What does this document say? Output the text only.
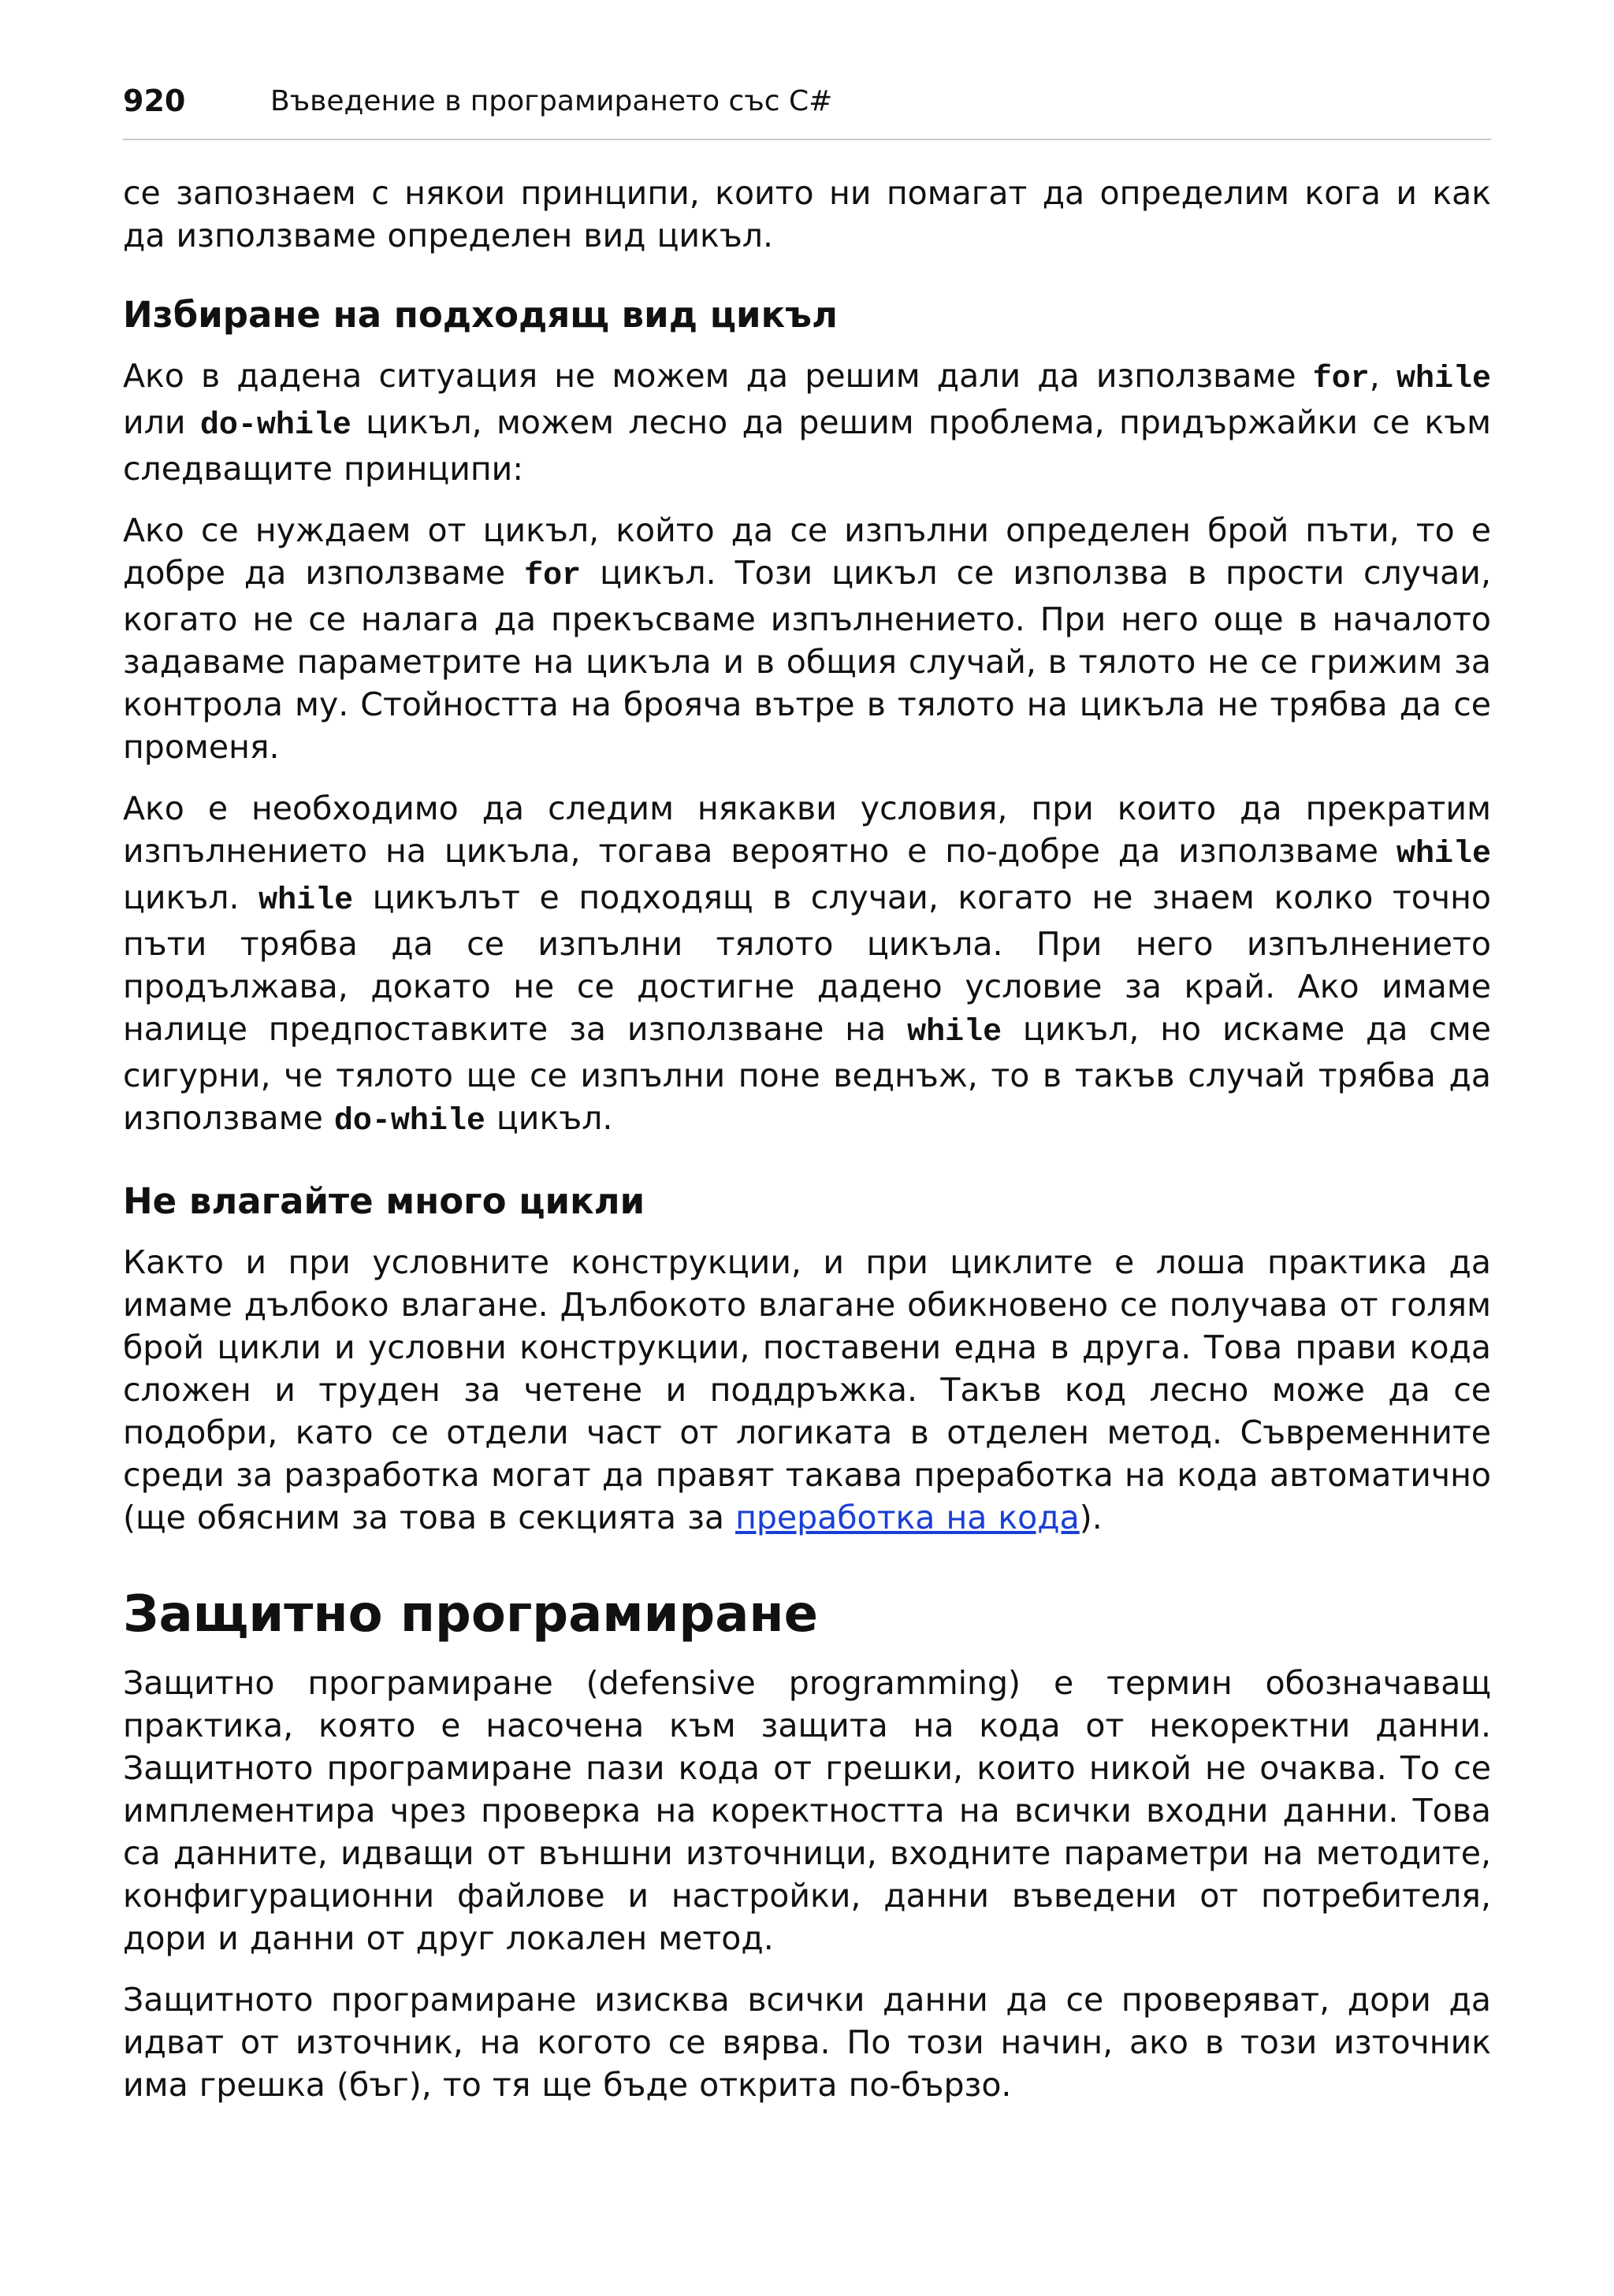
920	Въведение в програмирането със C#

се запознаем с някои принципи, които ни помагат да определим кога и как да използваме определен вид цикъл.

Избиране на подходящ вид цикъл

Ако в дадена ситуация не можем да решим дали да използваме for, while или do-while цикъл, можем лесно да решим проблема, придържайки се към следващите принципи:

Ако се нуждаем от цикъл, който да се изпълни определен брой пъти, то е добре да използваме for цикъл. Този цикъл се използва в прости случаи, когато не се налага да прекъсваме изпълнението. При него още в началото задаваме параметрите на цикъла и в общия случай, в тялото не се грижим за контрола му. Стойността на брояча вътре в тялото на цикъла не трябва да се променя.

Ако е необходимо да следим някакви условия, при които да прекратим изпълнението на цикъла, тогава вероятно е по-добре да използваме while цикъл. while цикълът е подходящ в случаи, когато не знаем колко точно пъти трябва да се изпълни тялото цикъла. При него изпълнението продължава, докато не се достигне дадено условие за край. Ако имаме налице предпоставките за използване на while цикъл, но искаме да сме сигурни, че тялото ще се изпълни поне веднъж, то в такъв случай трябва да използваме do-while цикъл.

Не влагайте много цикли

Както и при условните конструкции, и при циклите е лоша практика да имаме дълбоко влагане. Дълбокото влагане обикновено се получава от голям брой цикли и условни конструкции, поставени една в друга. Това прави кода сложен и труден за четене и поддръжка. Такъв код лесно може да се подобри, като се отдели част от логиката в отделен метод. Съвременните среди за разработка могат да правят такава преработка на кода автоматично (ще обясним за това в секцията за преработка на кода).

Защитно програмиране

Защитно програмиране (defensive programming) е термин обозначаващ практика, която е насочена към защита на кода от некоректни данни. Защитното програмиране пази кода от грешки, които никой не очаква. То се имплементира чрез проверка на коректността на всички входни данни. Това са данните, идващи от външни източници, входните параметри на методите, конфигурационни файлове и настройки, данни въведени от потребителя, дори и данни от друг локален метод.

Защитното програмиране изисква всички данни да се проверяват, дори да идват от източник, на когото се вярва. По този начин, ако в този източник има грешка (бъг), то тя ще бъде открита по-бързо.
